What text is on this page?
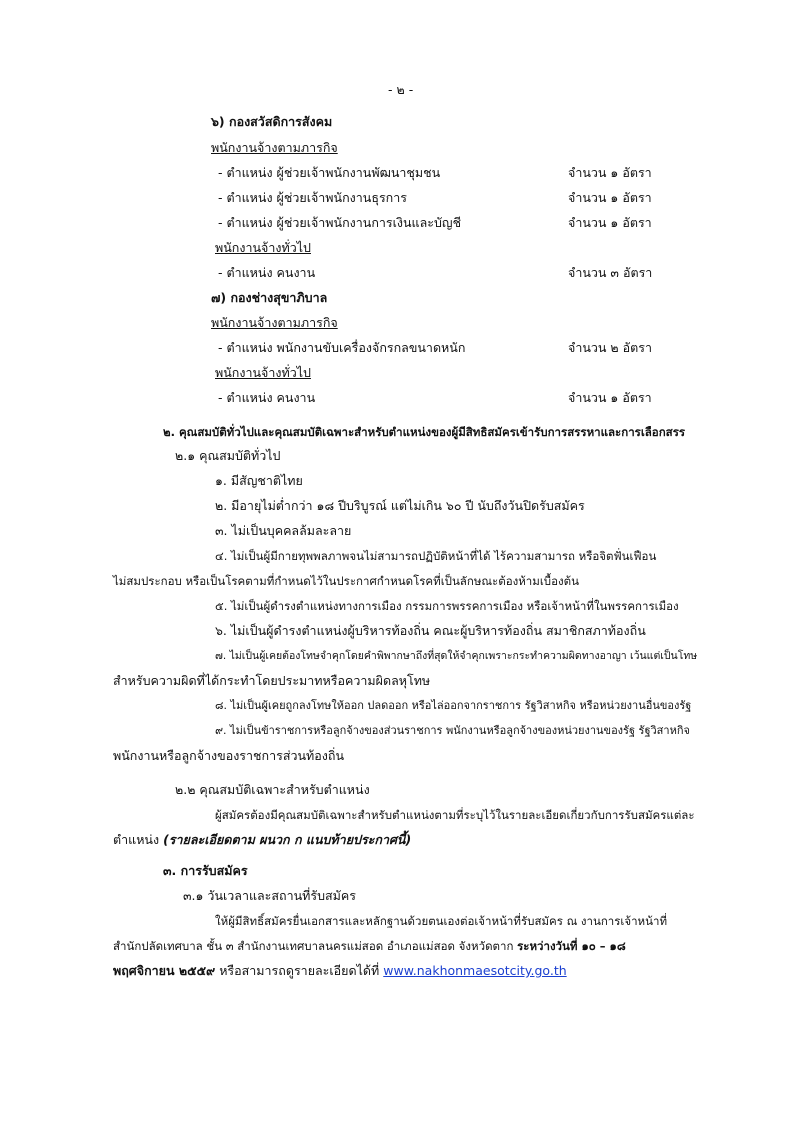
- ๒ -
๖) กองสวัสดิการสังคม
พนักงานจ้างตามภารกิจ
- ตำแหน่ง ผู้ช่วยเจ้าพนักงานพัฒนาชุมชน	จำนวน ๑ อัตรา
- ตำแหน่ง ผู้ช่วยเจ้าพนักงานธุรการ	จำนวน ๑ อัตรา
- ตำแหน่ง ผู้ช่วยเจ้าพนักงานการเงินและบัญชี	จำนวน ๑ อัตรา
พนักงานจ้างทั่วไป
- ตำแหน่ง คนงาน	จำนวน ๓ อัตรา
๗) กองช่างสุขาภิบาล
พนักงานจ้างตามภารกิจ
- ตำแหน่ง พนักงานขับเครื่องจักรกลขนาดหนัก	จำนวน ๒ อัตรา
พนักงานจ้างทั่วไป
- ตำแหน่ง คนงาน	จำนวน ๑ อัตรา
๒. คุณสมบัติทั่วไปและคุณสมบัติเฉพาะสำหรับตำแหน่งของผู้มีสิทธิสมัครเข้ารับการสรรหาและการเลือกสรร
๒.๑ คุณสมบัติทั่วไป
๑. มีสัญชาติไทย
๒. มีอายุไม่ต่ำกว่า ๑๘ ปีบริบูรณ์ แต่ไม่เกิน ๖๐ ปี นับถึงวันปิดรับสมัคร
๓. ไม่เป็นบุคคลล้มละลาย
๔. ไม่เป็นผู้มีกายทุพพลภาพจนไม่สามารถปฏิบัติหน้าที่ได้ ไร้ความสามารถ หรือจิตฟั่นเฟือน
ไม่สมประกอบ หรือเป็นโรคตามที่กำหนดไว้ในประกาศกำหนดโรคที่เป็นลักษณะต้องห้ามเบื้องต้น
๕. ไม่เป็นผู้ดำรงตำแหน่งทางการเมือง กรรมการพรรคการเมือง หรือเจ้าหน้าที่ในพรรคการเมือง
๖. ไม่เป็นผู้ดำรงตำแหน่งผู้บริหารท้องถิ่น คณะผู้บริหารท้องถิ่น สมาชิกสภาท้องถิ่น
๗. ไม่เป็นผู้เคยต้องโทษจำคุกโดยคำพิพากษาถึงที่สุดให้จำคุกเพราะกระทำความผิดทางอาญา เว้นแต่เป็นโทษ
สำหรับความผิดที่ได้กระทำโดยประมาทหรือความผิดลหุโทษ
๘. ไม่เป็นผู้เคยถูกลงโทษให้ออก ปลดออก หรือไล่ออกจากราชการ รัฐวิสาหกิจ หรือหน่วยงานอื่นของรัฐ
๙. ไม่เป็นข้าราชการหรือลูกจ้างของส่วนราชการ พนักงานหรือลูกจ้างของหน่วยงานของรัฐ รัฐวิสาหกิจ
พนักงานหรือลูกจ้างของราชการส่วนท้องถิ่น
๒.๒ คุณสมบัติเฉพาะสำหรับตำแหน่ง
ผู้สมัครต้องมีคุณสมบัติเฉพาะสำหรับตำแหน่งตามที่ระบุไว้ในรายละเอียดเกี่ยวกับการรับสมัครแต่ละ
ตำแหน่ง (รายละเอียดตาม ผนวก ก แนบท้ายประกาศนี้)
๓. การรับสมัคร
๓.๑ วันเวลาและสถานที่รับสมัคร
ให้ผู้มีสิทธิ์สมัครยื่นเอกสารและหลักฐานด้วยตนเองต่อเจ้าหน้าที่รับสมัคร ณ งานการเจ้าหน้าที่
สำนักปลัดเทศบาล ชั้น ๓ สำนักงานเทศบาลนครแม่สอด อำเภอแม่สอด จังหวัดตาก ระหว่างวันที่ ๑๐ – ๑๘
พฤศจิกายน ๒๕๕๙ หรือสามารถดูรายละเอียดได้ที่ www.nakhonmaesotcity.go.th
